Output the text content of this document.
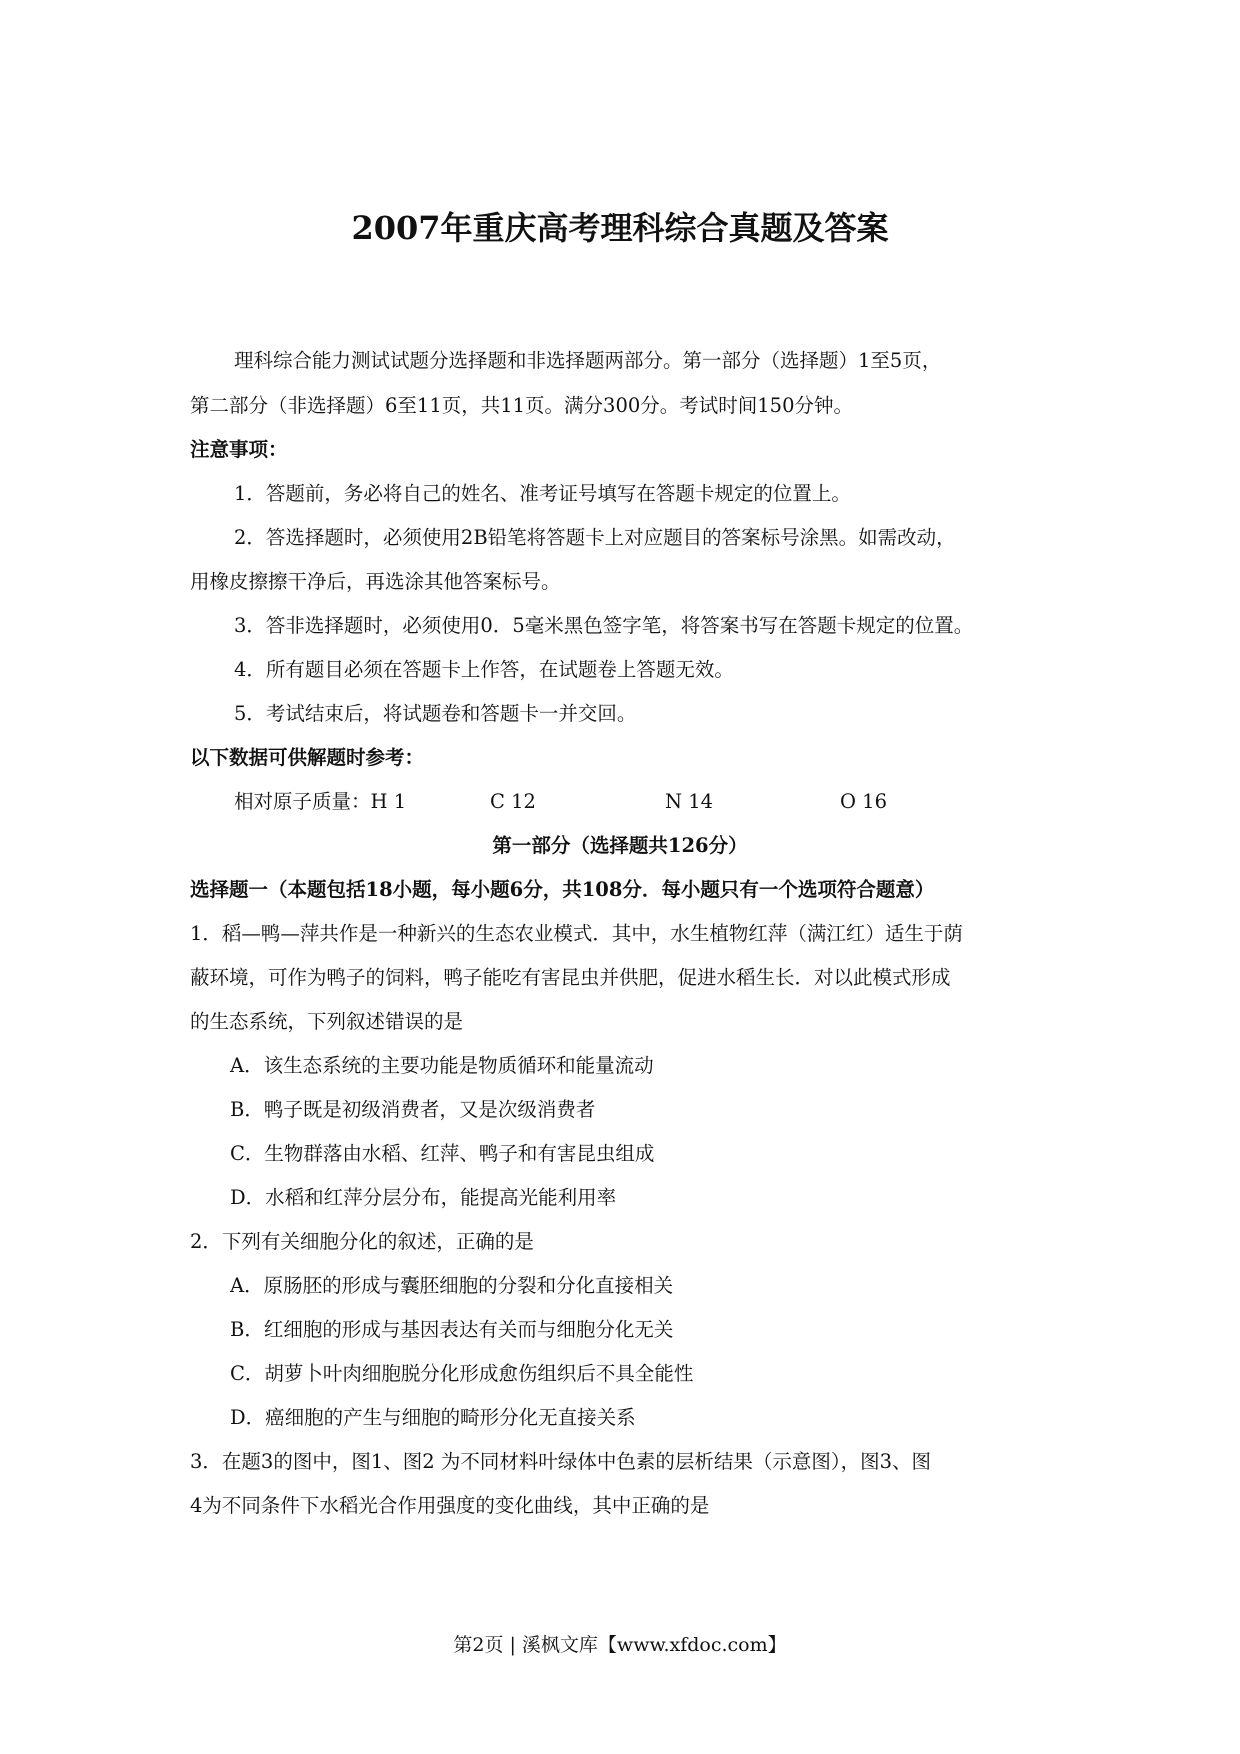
2007年重庆高考理科综合真题及答案
理科综合能力测试试题分选择题和非选择题两部分。第一部分（选择题）1至5页，
第二部分（非选择题）6至11页，共11页。满分300分。考试时间150分钟。
注意事项：
1．答题前，务必将自己的姓名、准考证号填写在答题卡规定的位置上。
2．答选择题时，必须使用2B铅笔将答题卡上对应题目的答案标号涂黑。如需改动，
用橡皮擦擦干净后，再选涂其他答案标号。
3．答非选择题时，必须使用0．5毫米黑色签字笔，将答案书写在答题卡规定的位置。
4．所有题目必须在答题卡上作答，在试题卷上答题无效。
5．考试结束后，将试题卷和答题卡一并交回。
以下数据可供解题时参考：
相对原子质量：H 1	C 12	N 14	O 16
第一部分（选择题共126分）
选择题一（本题包括18小题，每小题6分，共108分．每小题只有一个选项符合题意）
1．稻—鸭—萍共作是一种新兴的生态农业模式．其中，水生植物红萍（满江红）适生于荫
蔽环境，可作为鸭子的饲料，鸭子能吃有害昆虫并供肥，促进水稻生长．对以此模式形成
的生态系统，下列叙述错误的是
A．该生态系统的主要功能是物质循环和能量流动
B．鸭子既是初级消费者，又是次级消费者
C．生物群落由水稻、红萍、鸭子和有害昆虫组成
D．水稻和红萍分层分布，能提高光能利用率
2．下列有关细胞分化的叙述，正确的是
A．原肠胚的形成与囊胚细胞的分裂和分化直接相关
B．红细胞的形成与基因表达有关而与细胞分化无关
C．胡萝卜叶肉细胞脱分化形成愈伤组织后不具全能性
D．癌细胞的产生与细胞的畸形分化无直接关系
3．在题3的图中，图1、图2 为不同材料叶绿体中色素的层析结果（示意图），图3、图
4为不同条件下水稻光合作用强度的变化曲线，其中正确的是
第2页 | 溪枫文库【www.xfdoc.com】
